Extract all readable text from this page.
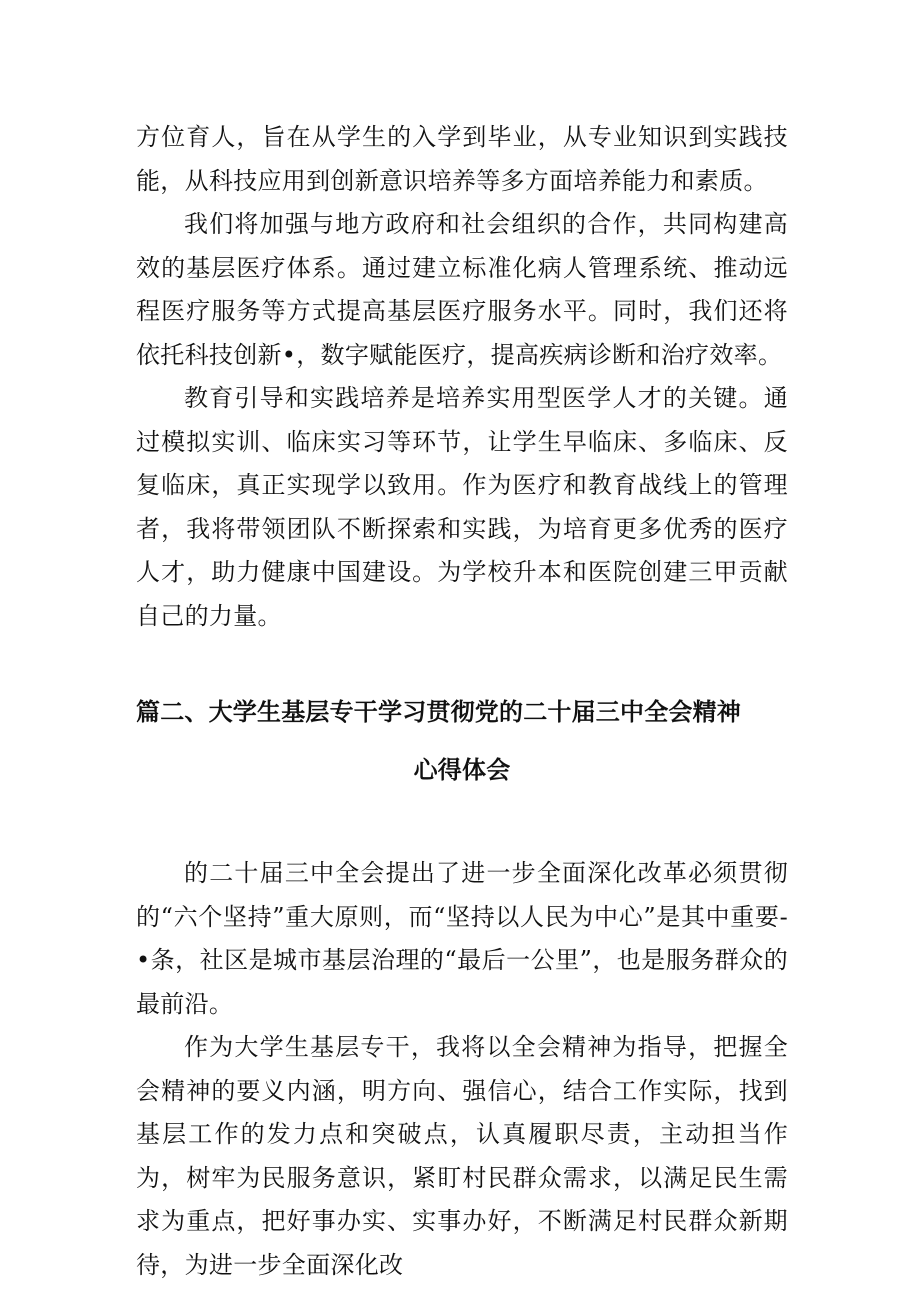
方位育人，旨在从学生的入学到毕业，从专业知识到实践技能，从科技应用到创新意识培养等多方面培养能力和素质。

我们将加强与地方政府和社会组织的合作，共同构建高效的基层医疗体系。通过建立标准化病人管理系统、推动远程医疗服务等方式提高基层医疗服务水平。同时，我们还将依托科技创新•，数字赋能医疗，提高疾病诊断和治疗效率。

教育引导和实践培养是培养实用型医学人才的关键。通过模拟实训、临床实习等环节，让学生早临床、多临床、反复临床，真正实现学以致用。作为医疗和教育战线上的管理者，我将带领团队不断探索和实践，为培育更多优秀的医疗人才，助力健康中国建设。为学校升本和医院创建三甲贡献自己的力量。

篇二、大学生基层专干学习贯彻党的二十届三中全会精神
心得体会

的二十届三中全会提出了进一步全面深化改革必须贯彻的“六个坚持”重大原则，而“坚持以人民为中心”是其中重要-•条，社区是城市基层治理的“最后一公里”，也是服务群众的最前沿。

作为大学生基层专干，我将以全会精神为指导，把握全会精神的要义内涵，明方向、强信心，结合工作实际，找到基层工作的发力点和突破点，认真履职尽责，主动担当作为，树牢为民服务意识，紧盯村民群众需求，以满足民生需求为重点，把好事办实、实事办好，不断满足村民群众新期待，为进一步全面深化改
